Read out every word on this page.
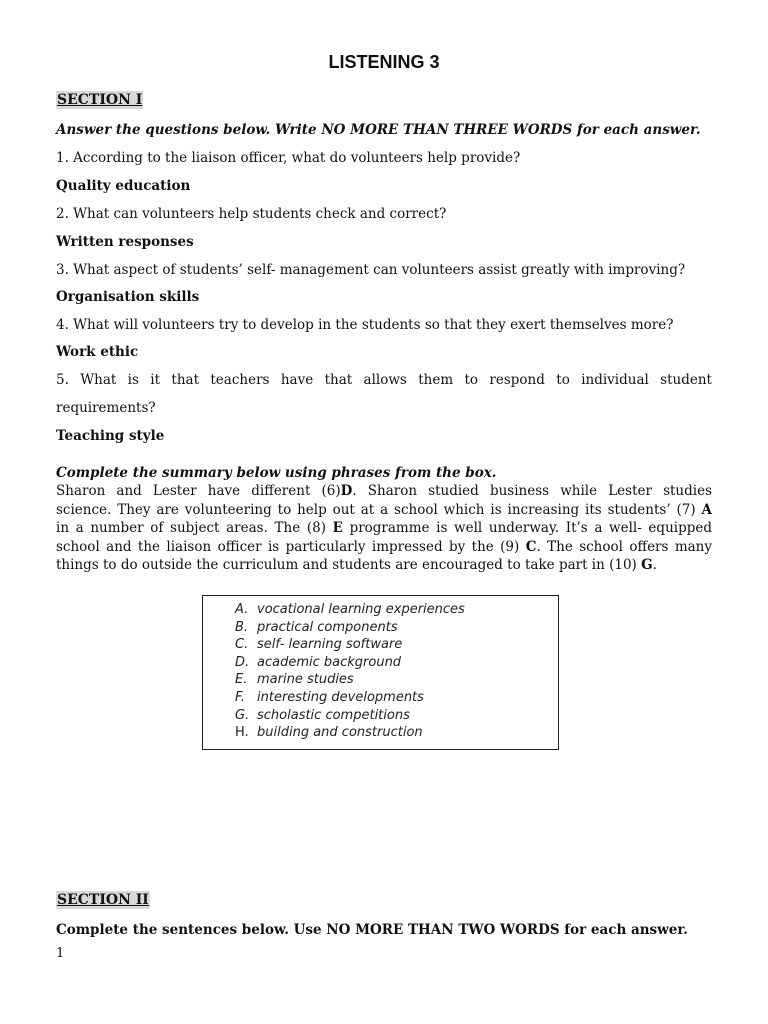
LISTENING 3
SECTION I
Answer the questions below. Write NO MORE THAN THREE WORDS for each answer.
1. According to the liaison officer, what do volunteers help provide?
Quality education
2. What can volunteers help students check and correct?
Written responses
3. What aspect of students’ self- management can volunteers assist greatly with improving?
Organisation skills
4. What will volunteers try to develop in the students so that they exert themselves more?
Work ethic
5. What is it that teachers have that allows them to respond to individual student
requirements?
Teaching style
Complete the summary below using phrases from the box.
Sharon and Lester have different (6)D. Sharon studied business while Lester studies
science. They are volunteering to help out at a school which is increasing its students’ (7) A
in a number of subject areas. The (8) E programme is well underway. It’s a well- equipped
school and the liaison officer is particularly impressed by the (9) C. The school offers many
things to do outside the curriculum and students are encouraged to take part in (10) G.
A. vocational learning experiences
B. practical components
C. self- learning software
D. academic background
E. marine studies
F. interesting developments
G. scholastic competitions
H. building and construction
SECTION II
Complete the sentences below. Use NO MORE THAN TWO WORDS for each answer.
1
